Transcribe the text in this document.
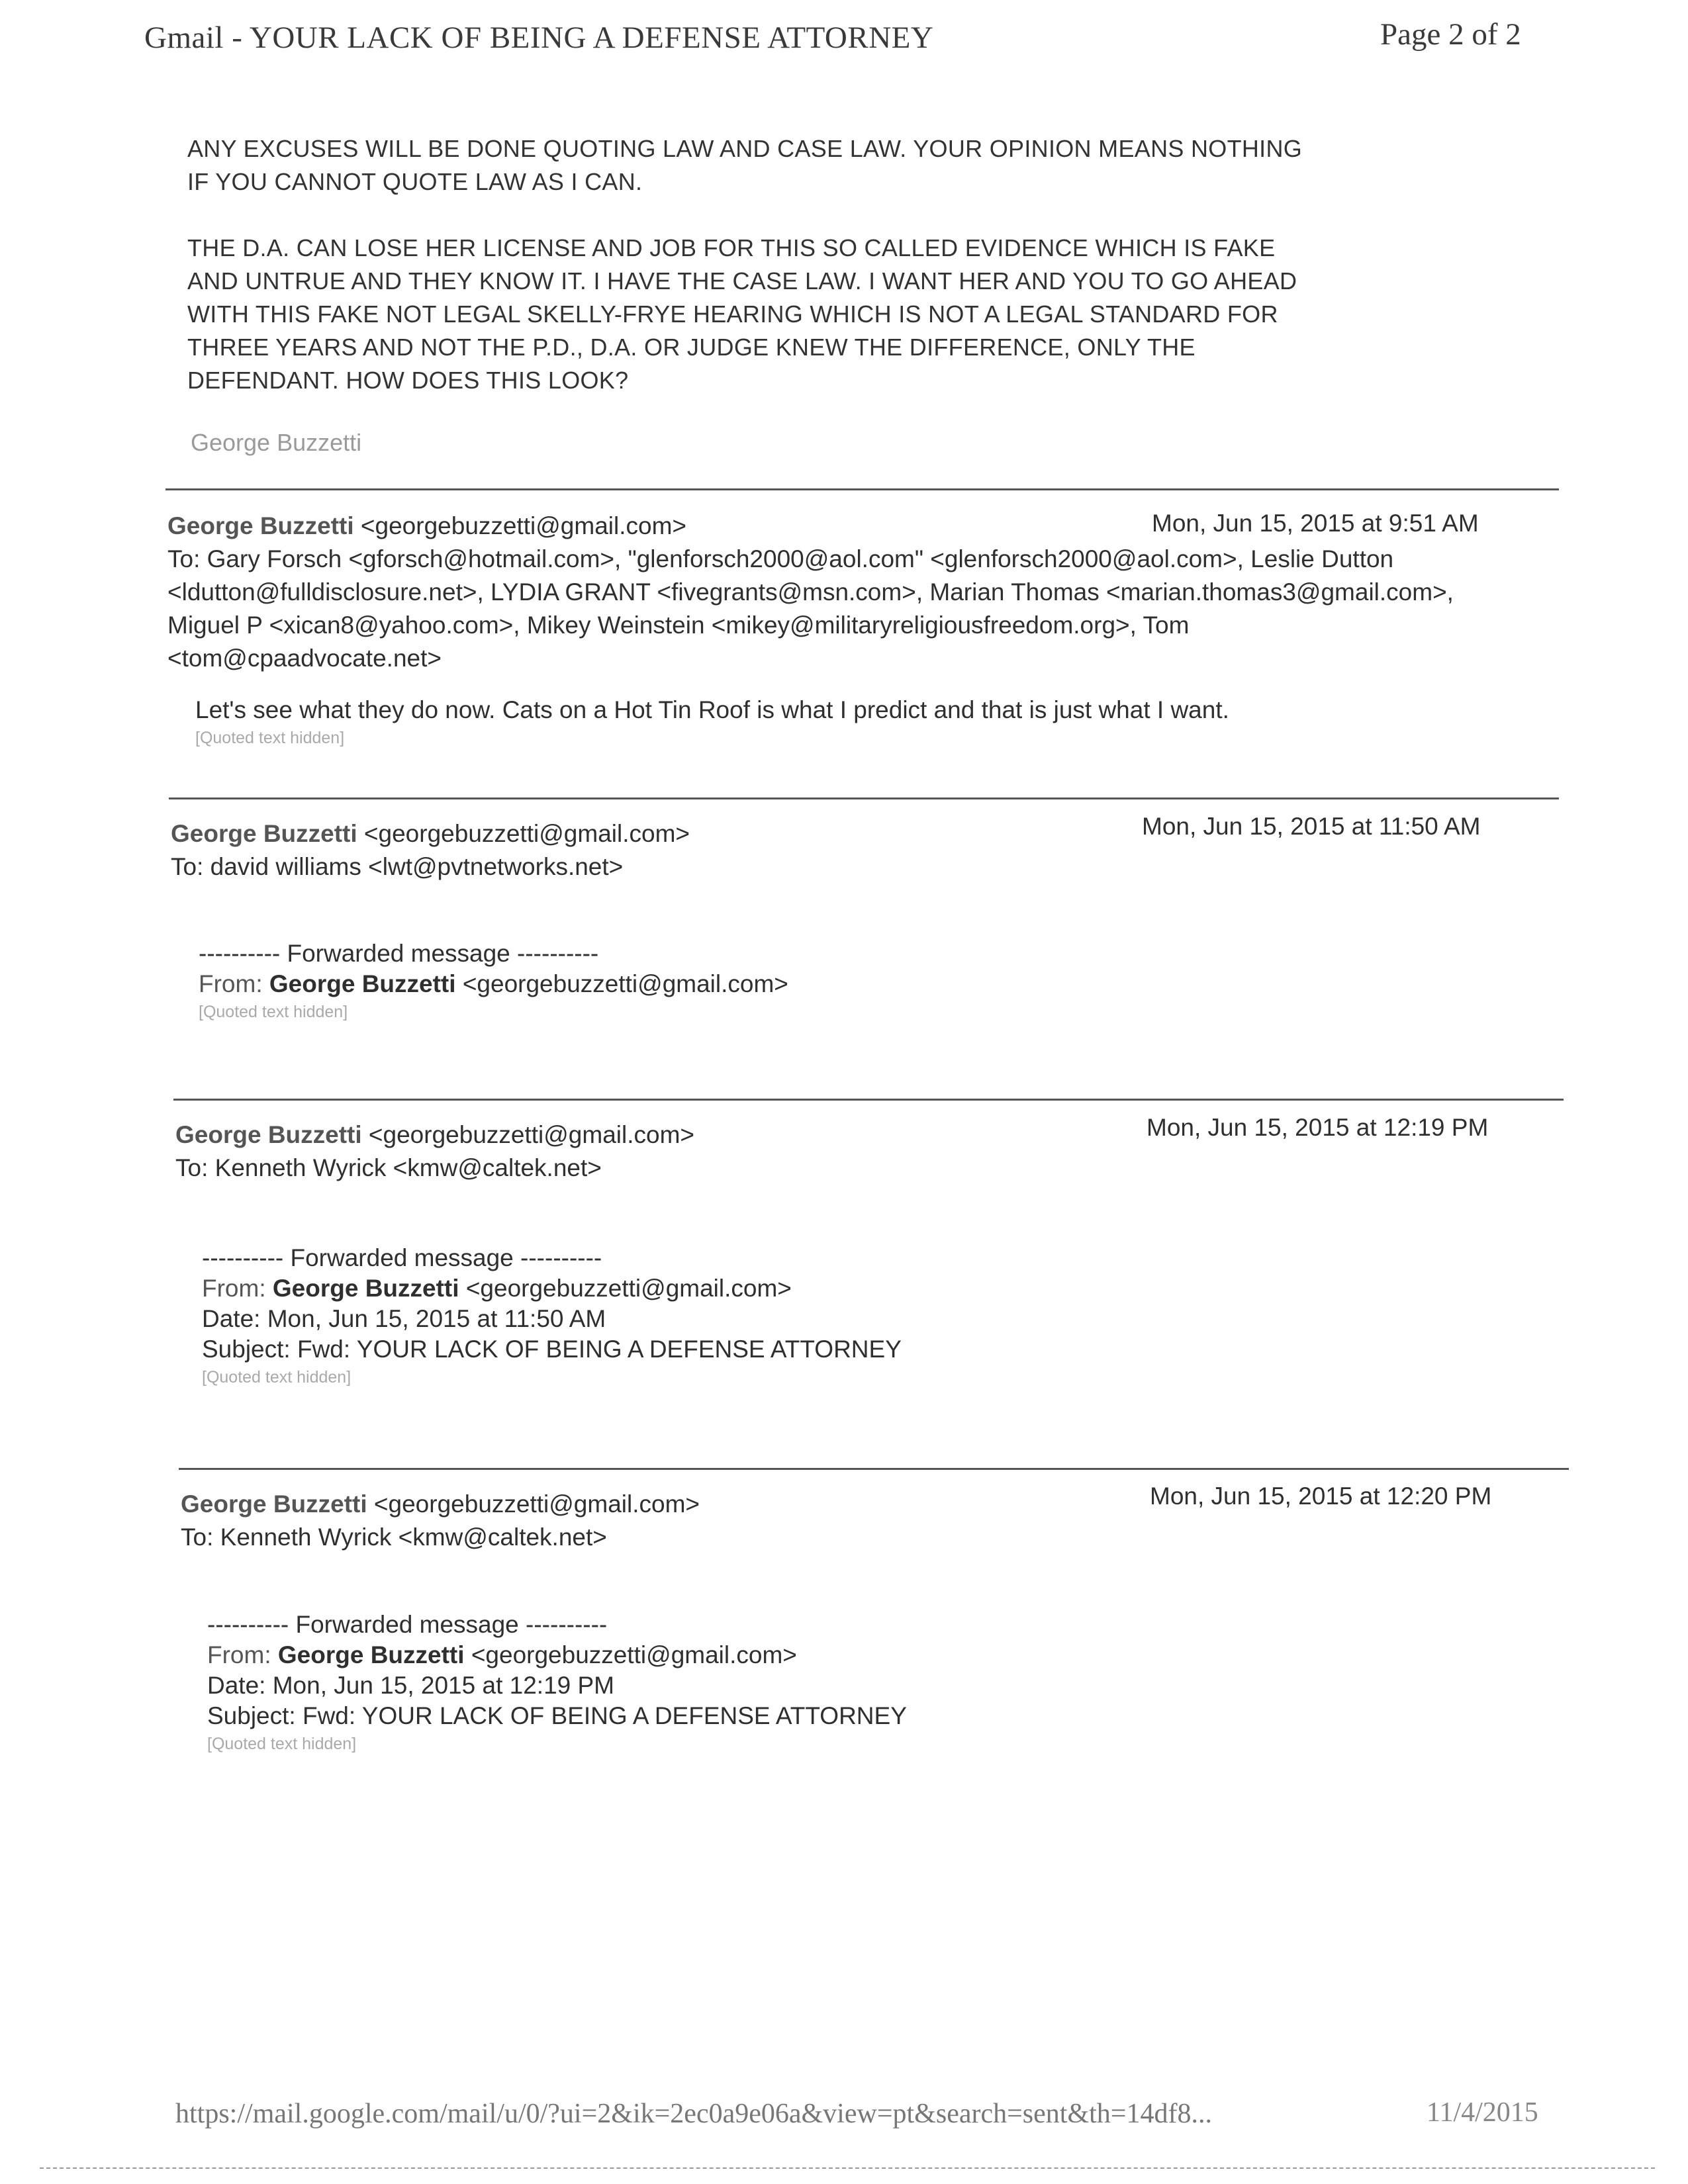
Gmail - YOUR LACK OF BEING A DEFENSE ATTORNEY	Page 2 of 2

ANY EXCUSES WILL BE DONE QUOTING LAW AND CASE LAW. YOUR OPINION MEANS NOTHING
IF YOU CANNOT QUOTE LAW AS I CAN.

THE D.A. CAN LOSE HER LICENSE AND JOB FOR THIS SO CALLED EVIDENCE WHICH IS FAKE
AND UNTRUE AND THEY KNOW IT. I HAVE THE CASE LAW. I WANT HER AND YOU TO GO AHEAD
WITH THIS FAKE NOT LEGAL SKELLY-FRYE HEARING WHICH IS NOT A LEGAL STANDARD FOR
THREE YEARS AND NOT THE P.D., D.A. OR JUDGE KNEW THE DIFFERENCE, ONLY THE
DEFENDANT. HOW DOES THIS LOOK?

George Buzzetti
George Buzzetti <georgebuzzetti@gmail.com>	Mon, Jun 15, 2015 at 9:51 AM
To: Gary Forsch <gforsch@hotmail.com>, "glenforsch2000@aol.com" <glenforsch2000@aol.com>, Leslie Dutton <ldutton@fulldisclosure.net>, LYDIA GRANT <fivegrants@msn.com>, Marian Thomas <marian.thomas3@gmail.com>, Miguel P <xican8@yahoo.com>, Mikey Weinstein <mikey@militaryreligiousfreedom.org>, Tom <tom@cpaadvocate.net>
Let's see what they do now. Cats on a Hot Tin Roof is what I predict and that is just what I want.
[Quoted text hidden]
George Buzzetti <georgebuzzetti@gmail.com>	Mon, Jun 15, 2015 at 11:50 AM
To: david williams <lwt@pvtnetworks.net>
---------- Forwarded message ----------
From: George Buzzetti <georgebuzzetti@gmail.com>
[Quoted text hidden]
George Buzzetti <georgebuzzetti@gmail.com>	Mon, Jun 15, 2015 at 12:19 PM
To: Kenneth Wyrick <kmw@caltek.net>
---------- Forwarded message ----------
From: George Buzzetti <georgebuzzetti@gmail.com>
Date: Mon, Jun 15, 2015 at 11:50 AM
Subject: Fwd: YOUR LACK OF BEING A DEFENSE ATTORNEY
[Quoted text hidden]
George Buzzetti <georgebuzzetti@gmail.com>	Mon, Jun 15, 2015 at 12:20 PM
To: Kenneth Wyrick <kmw@caltek.net>
---------- Forwarded message ----------
From: George Buzzetti <georgebuzzetti@gmail.com>
Date: Mon, Jun 15, 2015 at 12:19 PM
Subject: Fwd: YOUR LACK OF BEING A DEFENSE ATTORNEY
[Quoted text hidden]
https://mail.google.com/mail/u/0/?ui=2&ik=2ec0a9e06a&view=pt&search=sent&th=14df8...	11/4/2015
